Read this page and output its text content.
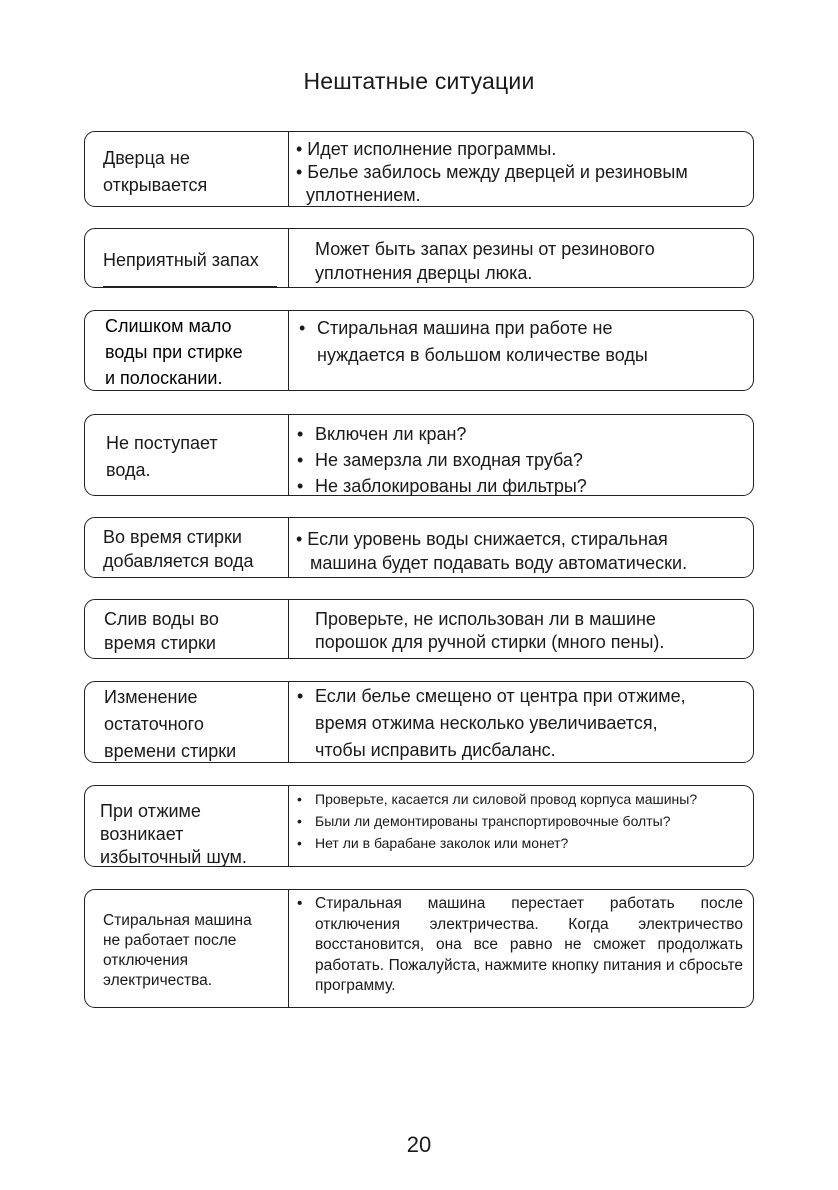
Нештатные ситуации
Дверца не
открывается
• Идет исполнение программы.
• Белье забилось между дверцей и резиновым
уплотнением.
Неприятный запах
Может быть запах резины от резинового
уплотнения дверцы люка.
Слишком мало
воды при стирке
и полоскании.
• Стиральная машина при работе не
нуждается в большом количестве воды
Не поступает
вода.
• Включен ли кран?
• Не замерзла ли входная труба?
• Не заблокированы ли фильтры?
Во время стирки
добавляется вода
• Если уровень воды снижается, стиральная
машина будет подавать воду автоматически.
Слив воды во
время стирки
Проверьте, не использован ли в машине
порошок для ручной стирки (много пены).
Изменение
остаточного
времени стирки
• Если белье смещено от центра при отжиме,
время отжима несколько увеличивается,
чтобы исправить дисбаланс.
При отжиме
возникает
избыточный шум.
• Проверьте, касается ли силовой провод корпуса машины?
• Были ли демонтированы транспортировочные болты?
• Нет ли в барабане заколок или монет?
Стиральная машина
не работает после
отключения
электричества.
• Стиральная машина перестает работать после отключения электричества. Когда электричество восстановится, она все равно не сможет продолжать работать. Пожалуйста, нажмите кнопку питания и сбросьте программу.
20
